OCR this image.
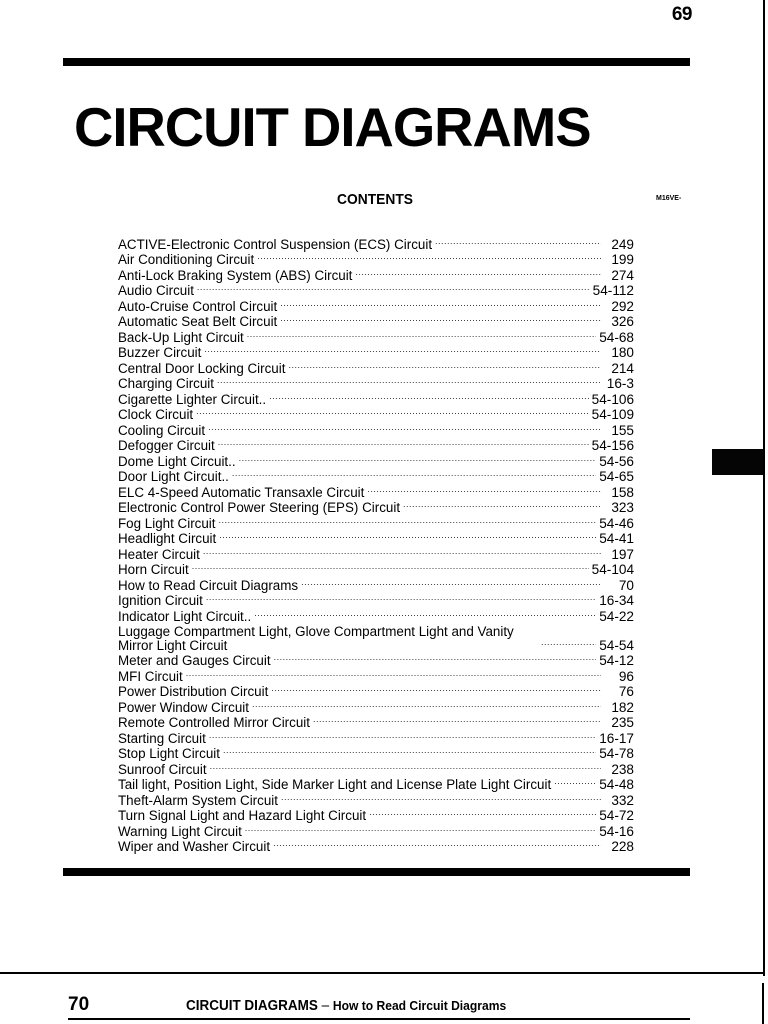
69
CIRCUIT DIAGRAMS
CONTENTS	M16VE-
ACTIVE-Electronic Control Suspension (ECS) Circuit .....	249
Air Conditioning Circuit .....	199
Anti-Lock Braking System (ABS) Circuit .....	274
Audio Circuit .....	54-112
Auto-Cruise Control Circuit .....	292
Automatic Seat Belt Circuit .....	326
Back-Up Light Circuit .....	54-68
Buzzer Circuit .....	180
Central Door Locking Circuit .....	214
Charging Circuit .....	16-3
Cigarette Lighter Circuit.. .....	54-106
Clock Circuit .....	54-109
Cooling Circuit .....	155
Defogger Circuit .....	54-156
Dome Light Circuit.. .....	54-56
Door Light Circuit.. .....	54-65
ELC 4-Speed Automatic Transaxle Circuit .....	158
Electronic Control Power Steering (EPS) Circuit .....	323
Fog Light Circuit .....	54-46
Headlight Circuit .....	54-41
Heater Circuit .....	197
Horn Circuit .....	54-104
How to Read Circuit Diagrams .....	70
Ignition Circuit .....	16-34
Indicator Light Circuit.. .....	54-22
Luggage Compartment Light, Glove Compartment Light and Vanity Mirror Light Circuit .....	54-54
Meter and Gauges Circuit .....	54-12
MFI Circuit .....	96
Power Distribution Circuit .....	76
Power Window Circuit .....	182
Remote Controlled Mirror Circuit .....	235
Starting Circuit .....	16-17
Stop Light Circuit .....	54-78
Sunroof Circuit .....	238
Tail light, Position Light, Side Marker Light and License Plate Light Circuit .....	54-48
Theft-Alarm System Circuit .....	332
Turn Signal Light and Hazard Light Circuit .....	54-72
Warning Light Circuit .....	54-16
Wiper and Washer Circuit .....	228
70	CIRCUIT DIAGRAMS – How to Read Circuit Diagrams
